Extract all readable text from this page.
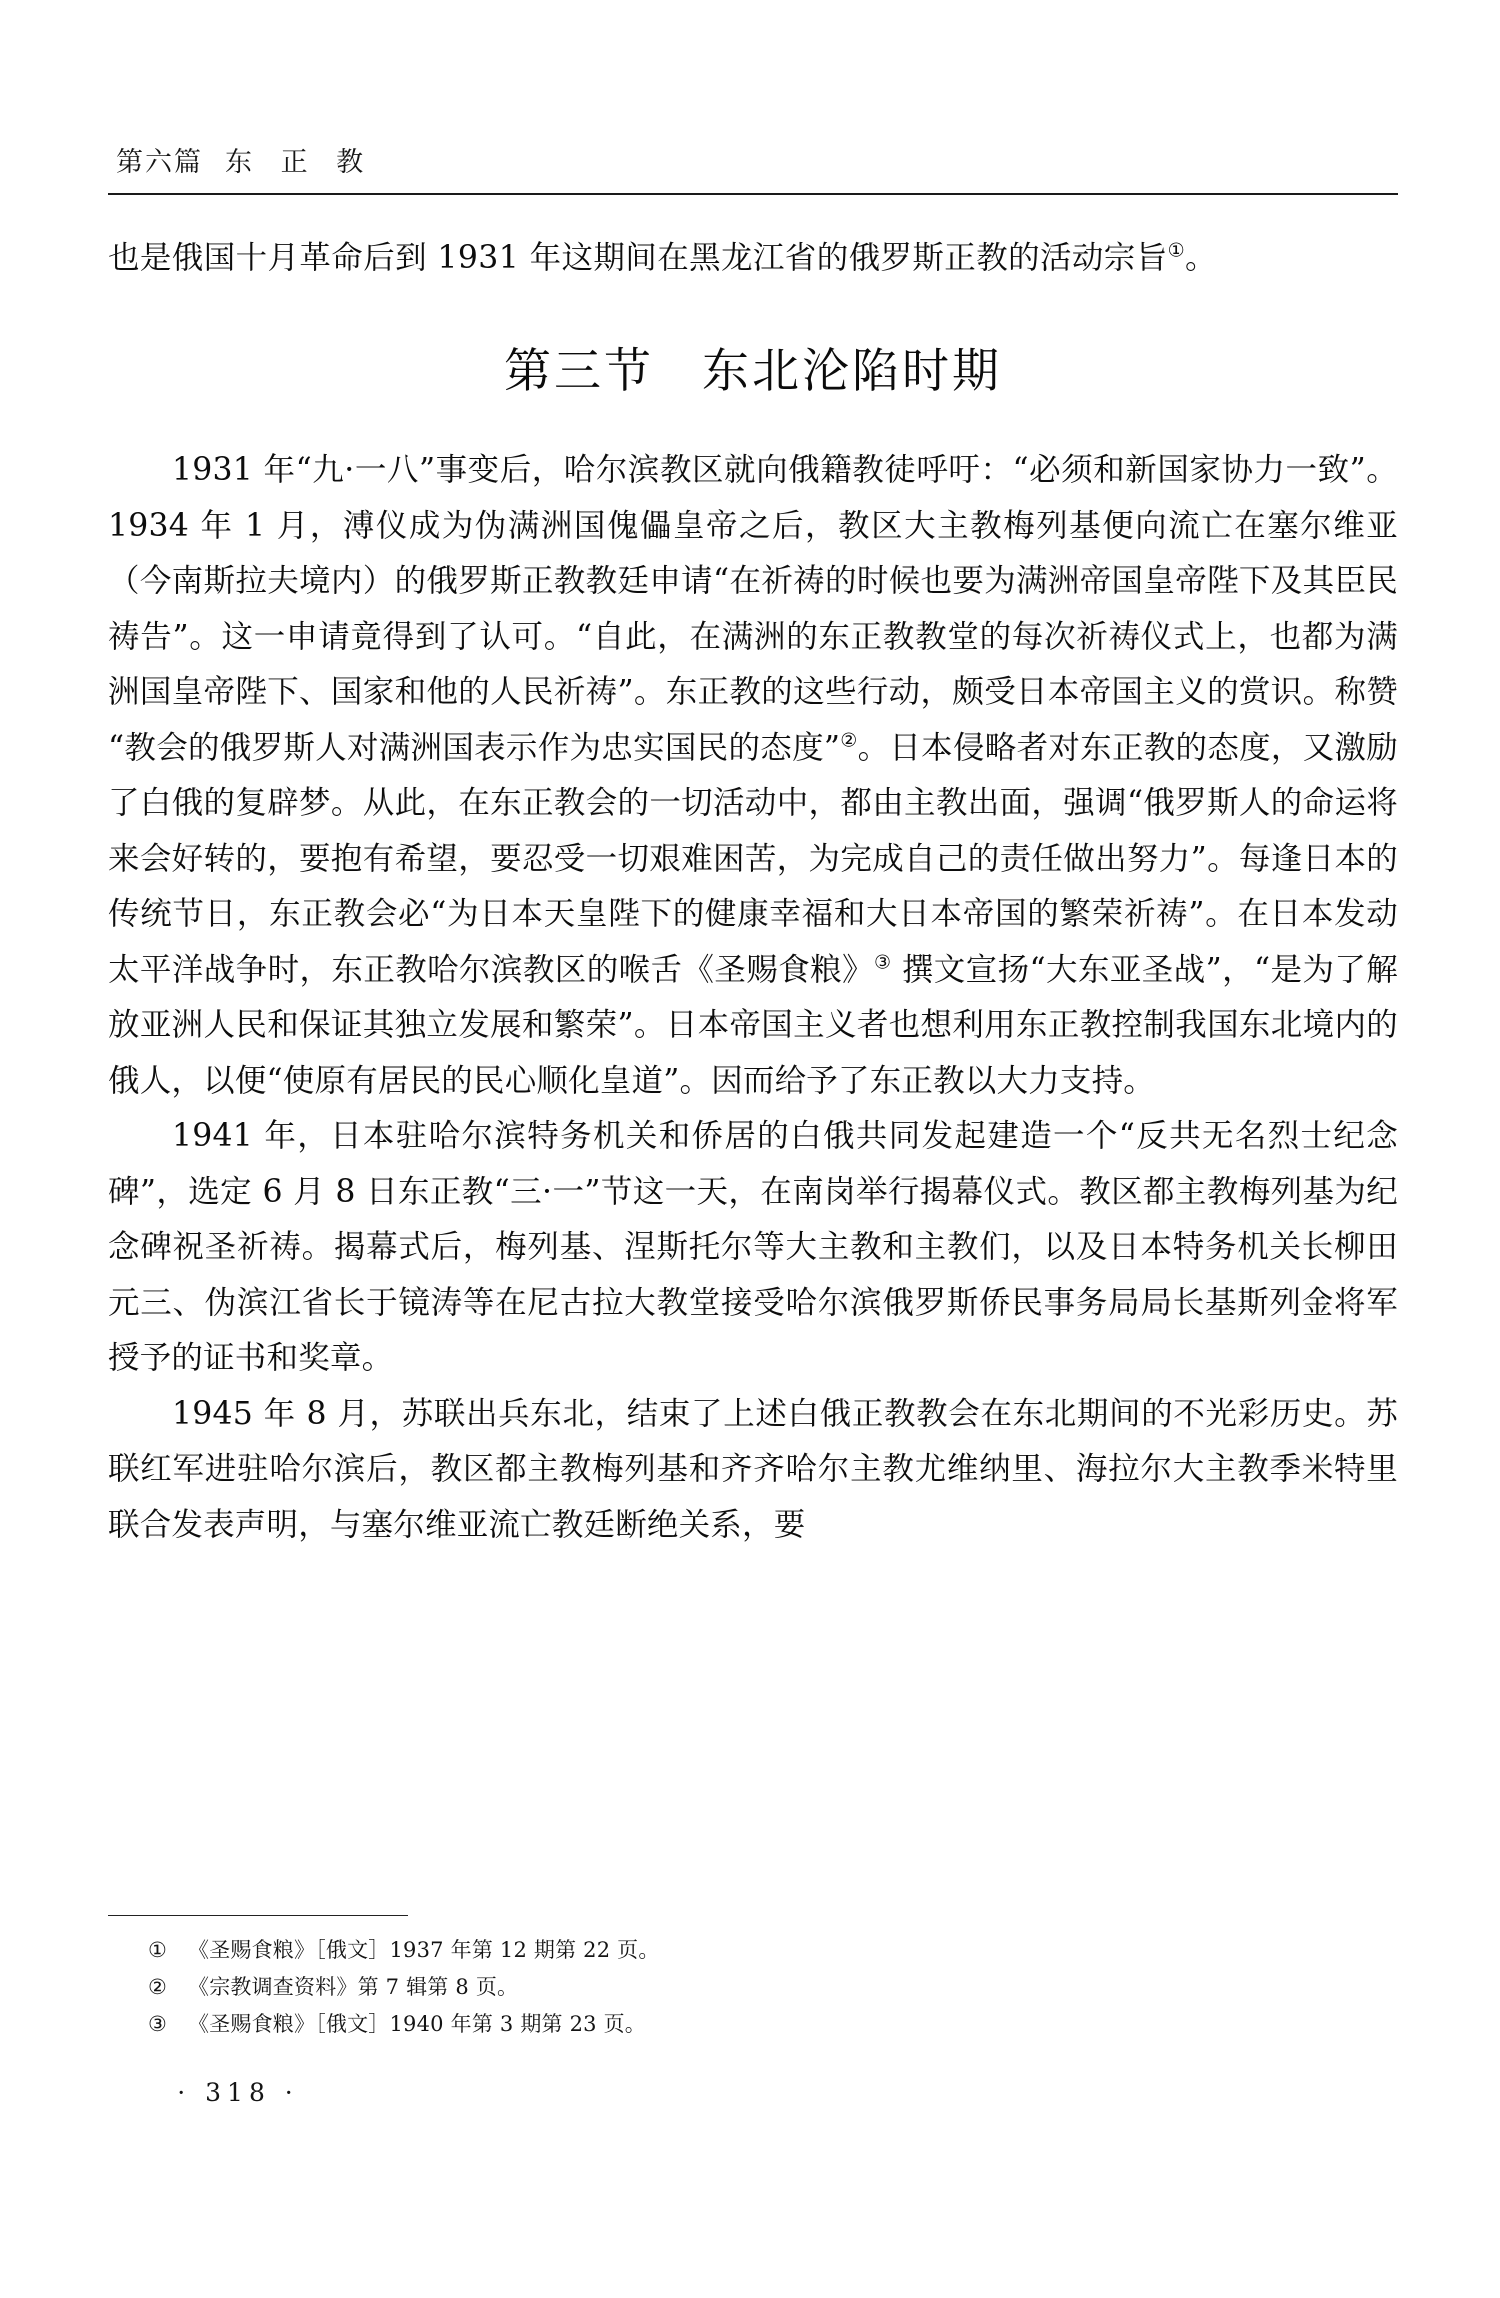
第六篇 东 正 教
也是俄国十月革命后到 1931 年这期间在黑龙江省的俄罗斯正教的活动宗旨①。
第三节 东北沦陷时期

1931 年“九·一八”事变后，哈尔滨教区就向俄籍教徒呼吁：“必须和新国家协力一致”。1934 年 1 月，溥仪成为伪满洲国傀儡皇帝之后，教区大主教梅列基便向流亡在塞尔维亚（今南斯拉夫境内）的俄罗斯正教教廷申请“在祈祷的时候也要为满洲帝国皇帝陛下及其臣民祷告”。这一申请竟得到了认可。“自此，在满洲的东正教教堂的每次祈祷仪式上，也都为满洲国皇帝陛下、国家和他的人民祈祷”。东正教的这些行动，颇受日本帝国主义的赏识。称赞“教会的俄罗斯人对满洲国表示作为忠实国民的态度”②。日本侵略者对东正教的态度，又激励了白俄的复辟梦。从此，在东正教会的一切活动中，都由主教出面，强调“俄罗斯人的命运将来会好转的，要抱有希望，要忍受一切艰难困苦，为完成自己的责任做出努力”。每逢日本的传统节日，东正教会必“为日本天皇陛下的健康幸福和大日本帝国的繁荣祈祷”。在日本发动太平洋战争时，东正教哈尔滨教区的喉舌《圣赐食粮》③ 撰文宣扬“大东亚圣战”，“是为了解放亚洲人民和保证其独立发展和繁荣”。日本帝国主义者也想利用东正教控制我国东北境内的俄人，以便“使原有居民的民心顺化皇道”。因而给予了东正教以大力支持。

1941 年，日本驻哈尔滨特务机关和侨居的白俄共同发起建造一个“反共无名烈士纪念碑”，选定 6 月 8 日东正教“三·一”节这一天，在南岗举行揭幕仪式。教区都主教梅列基为纪念碑祝圣祈祷。揭幕式后，梅列基、涅斯托尔等大主教和主教们，以及日本特务机关长柳田元三、伪滨江省长于镜涛等在尼古拉大教堂接受哈尔滨俄罗斯侨民事务局局长基斯列金将军授予的证书和奖章。

1945 年 8 月，苏联出兵东北，结束了上述白俄正教教会在东北期间的不光彩历史。苏联红军进驻哈尔滨后，教区都主教梅列基和齐齐哈尔主教尤维纳里、海拉尔大主教季米特里联合发表声明，与塞尔维亚流亡教廷断绝关系，要

① 《圣赐食粮》［俄文］1937 年第 12 期第 22 页。
② 《宗教调查资料》第 7 辑第 8 页。
③ 《圣赐食粮》［俄文］1940 年第 3 期第 23 页。
· 318 ·
